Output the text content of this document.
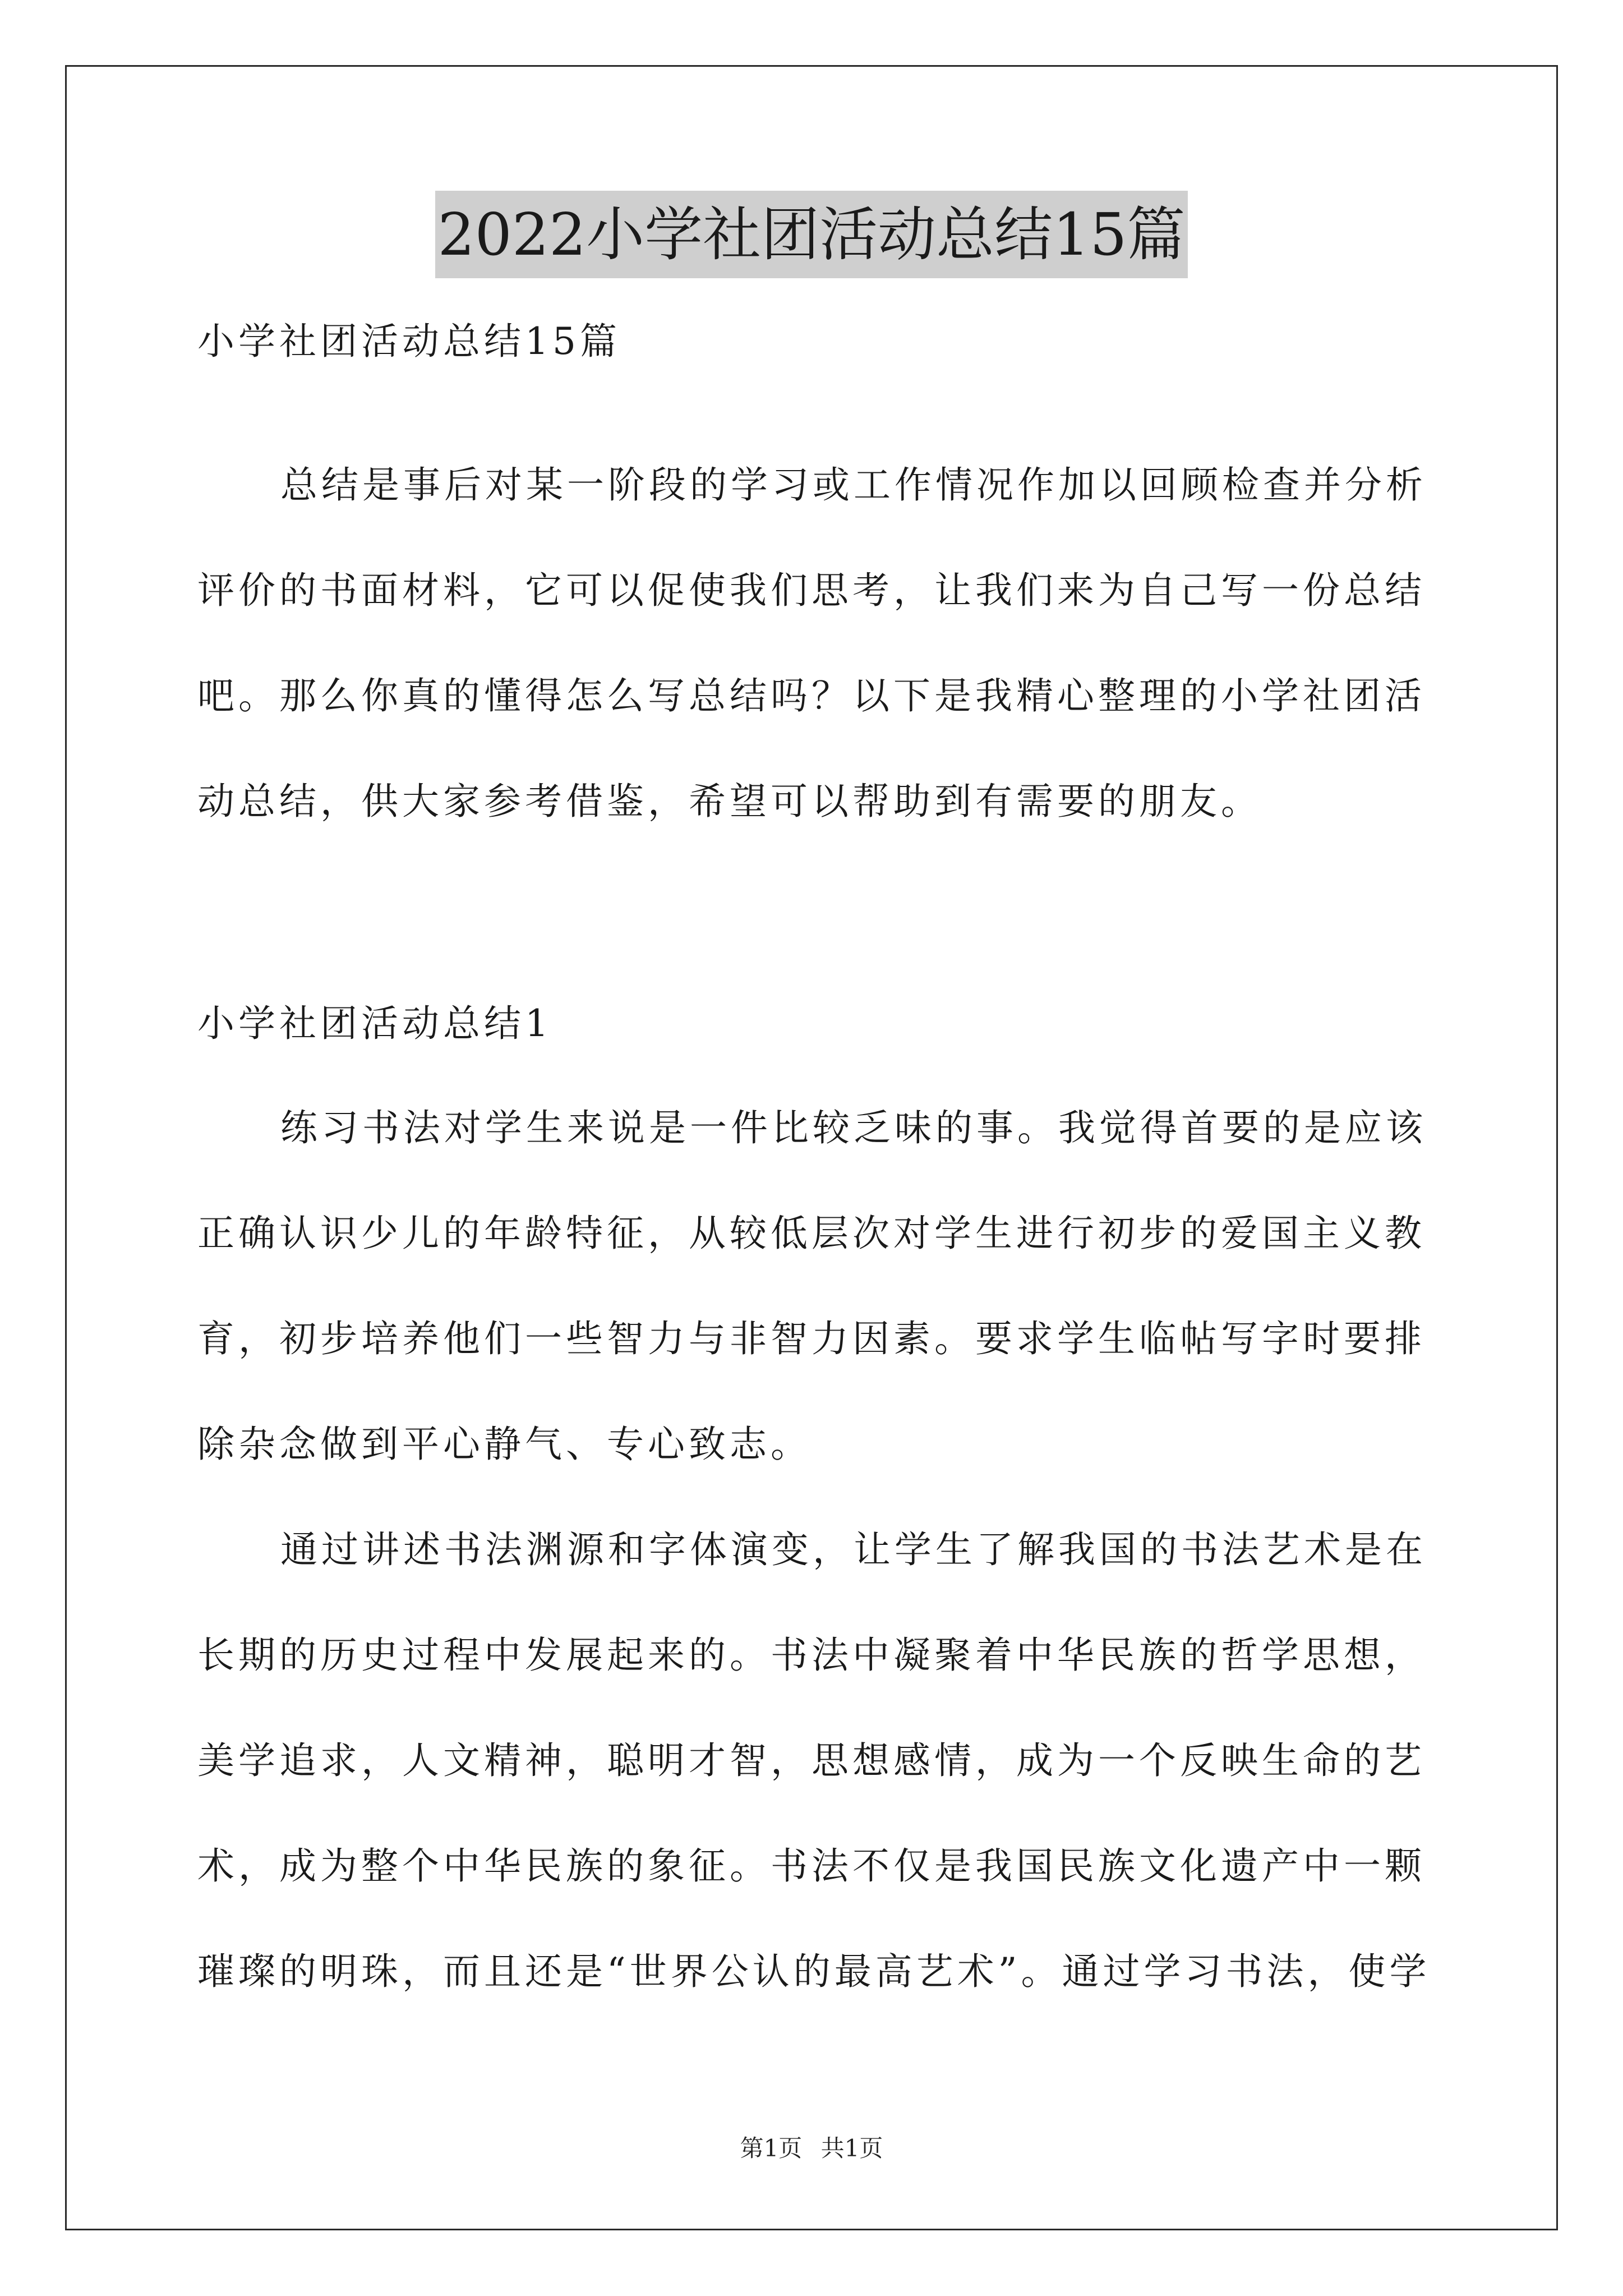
2022小学社团活动总结15篇
小学社团活动总结15篇
总结是事后对某一阶段的学习或工作情况作加以回顾检查并分析
评价的书面材料，它可以促使我们思考，让我们来为自己写一份总结
吧。那么你真的懂得怎么写总结吗？以下是我精心整理的小学社团活
动总结，供大家参考借鉴，希望可以帮助到有需要的朋友。
小学社团活动总结1
练习书法对学生来说是一件比较乏味的事。我觉得首要的是应该
正确认识少儿的年龄特征，从较低层次对学生进行初步的爱国主义教
育，初步培养他们一些智力与非智力因素。要求学生临帖写字时要排
除杂念做到平心静气、专心致志。
通过讲述书法渊源和字体演变，让学生了解我国的书法艺术是在
长期的历史过程中发展起来的。书法中凝聚着中华民族的哲学思想，
美学追求，人文精神，聪明才智，思想感情，成为一个反映生命的艺
术，成为整个中华民族的象征。书法不仅是我国民族文化遗产中一颗
璀璨的明珠，而且还是“世界公认的最高艺术”。通过学习书法，使学
第1页 共1页
